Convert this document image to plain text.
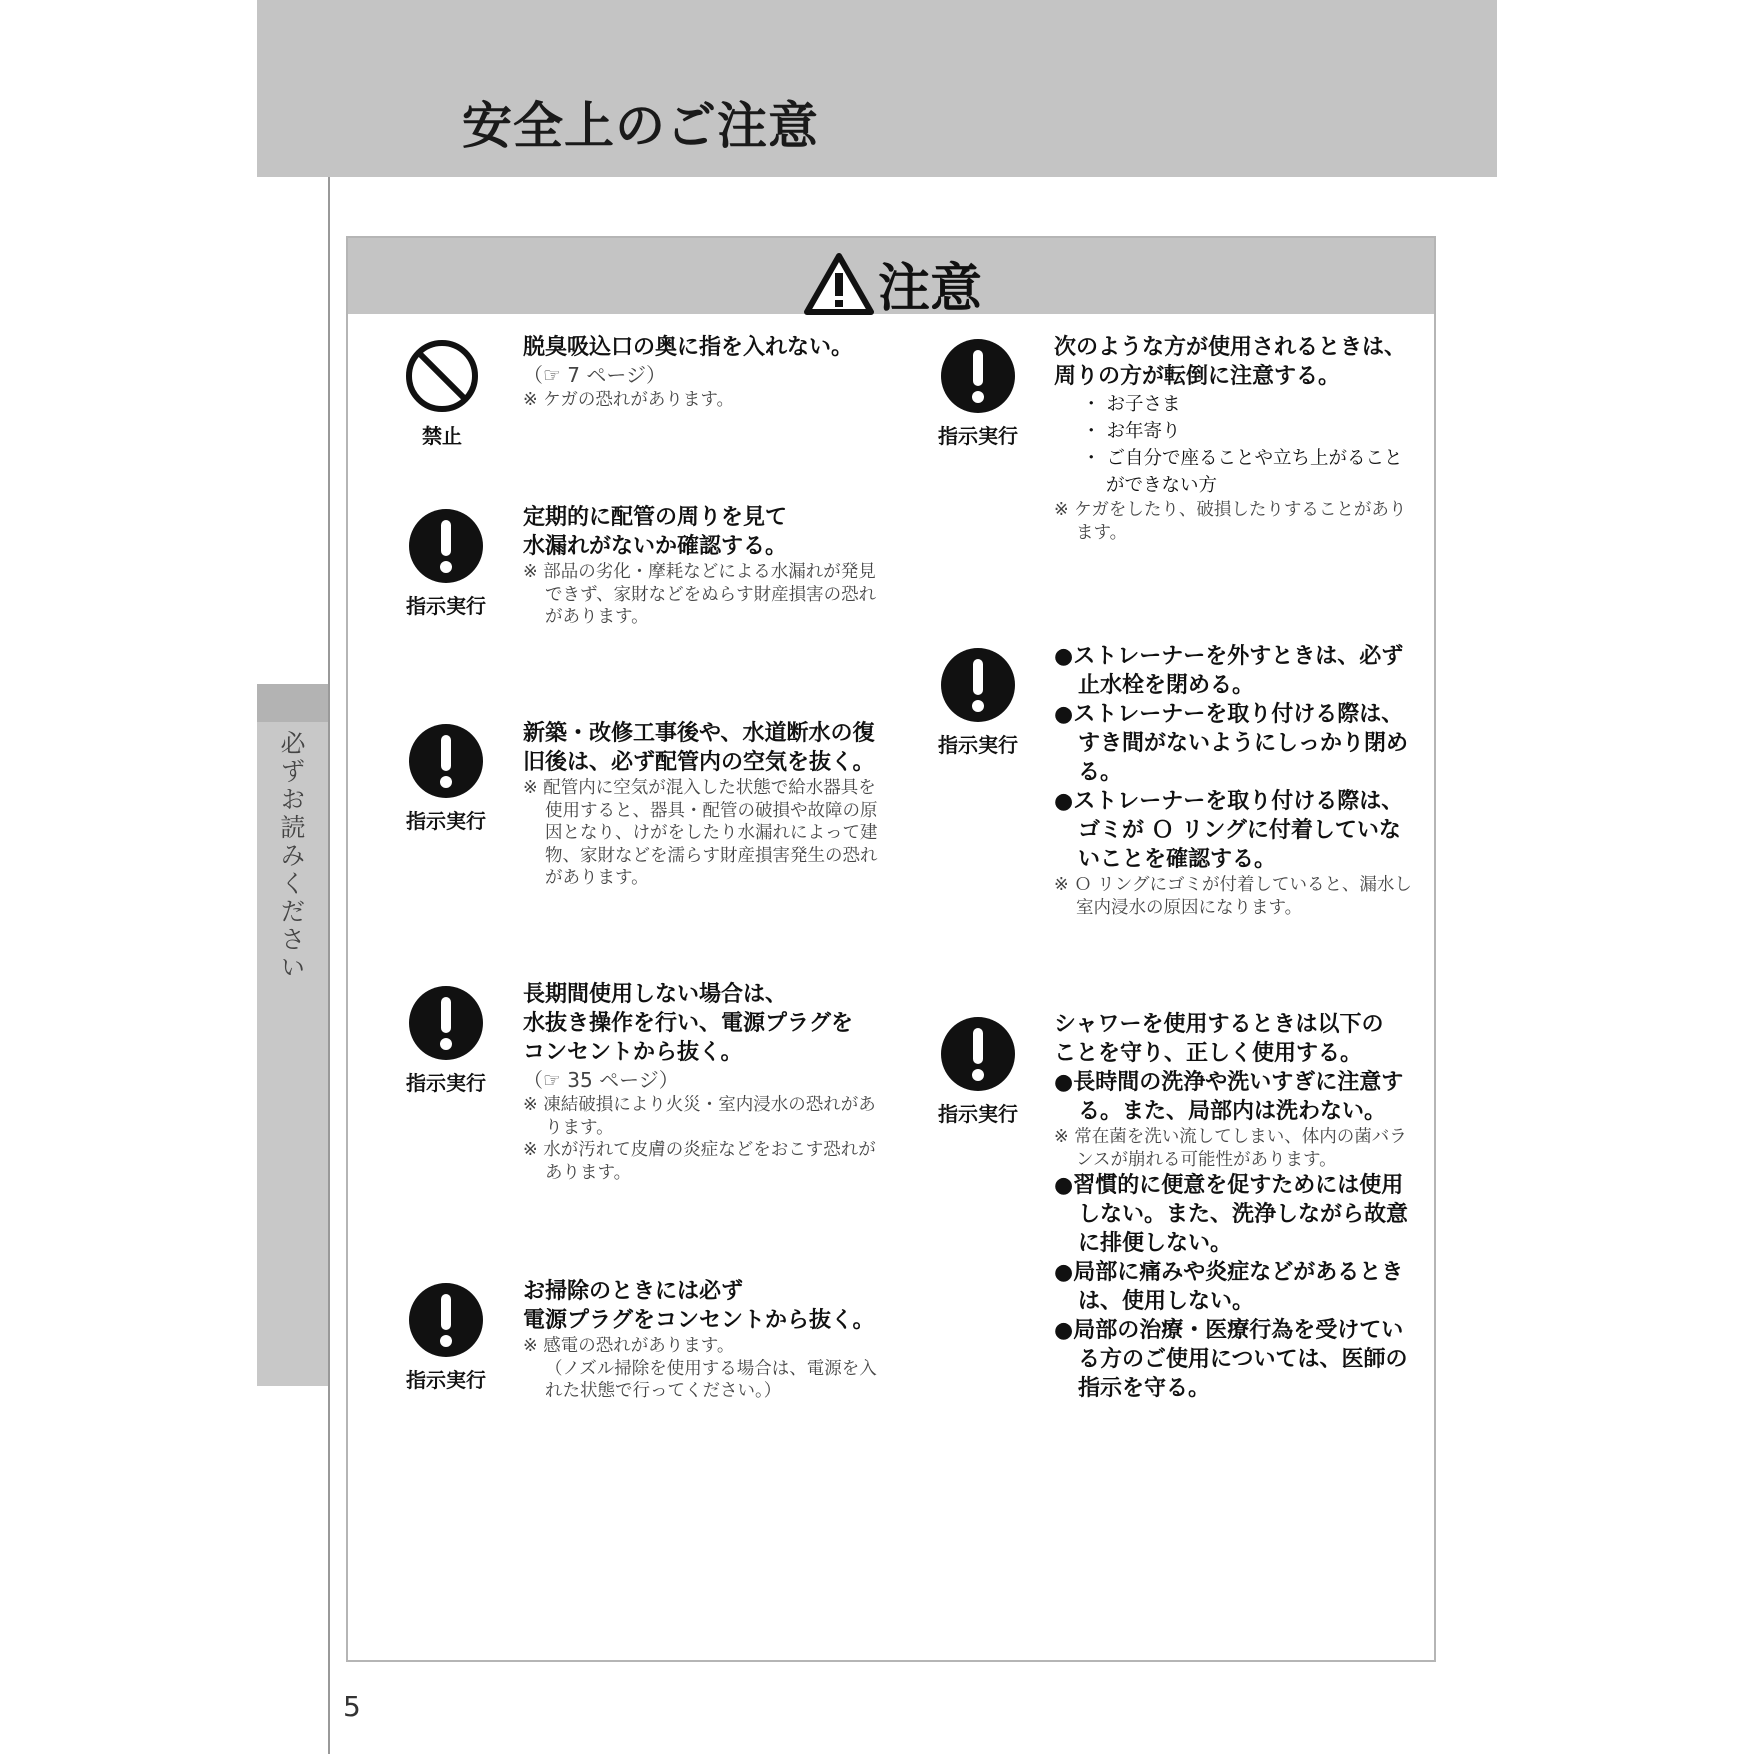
安全上のご注意
必ずお読みください
注意
禁止
脱臭吸込口の奥に指を入れない。
（☞ 7 ページ）
※ ケガの恐れがあります。
指示実行
定期的に配管の周りを見て
水漏れがないか確認する。
※ 部品の劣化・摩耗などによる水漏れが発見できず、家財などをぬらす財産損害の恐れがあります。
指示実行
新築・改修工事後や、水道断水の復
旧後は、必ず配管内の空気を抜く。
※ 配管内に空気が混入した状態で給水器具を使用すると、器具・配管の破損や故障の原因となり、けがをしたり水漏れによって建物、家財などを濡らす財産損害発生の恐れがあります。
指示実行
長期間使用しない場合は、
水抜き操作を行い、電源プラグを
コンセントから抜く。
（☞ 35 ページ）
※ 凍結破損により火災・室内浸水の恐れがあります。
※ 水が汚れて皮膚の炎症などをおこす恐れがあります。
指示実行
お掃除のときには必ず
電源プラグをコンセントから抜く。
※ 感電の恐れがあります。
（ノズル掃除を使用する場合は、電源を入れた状態で行ってください。）
指示実行
次のような方が使用されるときは、
周りの方が転倒に注意する。
・ お子さま
・ お年寄り
・ ご自分で座ることや立ち上がることができない方
※ ケガをしたり、破損したりすることがあります。
指示実行
●ストレーナーを外すときは、必ず止水栓を閉める。
●ストレーナーを取り付ける際は、すき間がないようにしっかり閉める。
●ストレーナーを取り付ける際は、ゴミが Ｏ リングに付着していないことを確認する。
※ Ｏ リングにゴミが付着していると、漏水し室内浸水の原因になります。
指示実行
シャワーを使用するときは以下の
ことを守り、正しく使用する。
●長時間の洗浄や洗いすぎに注意する。また、局部内は洗わない。
※ 常在菌を洗い流してしまい、体内の菌バランスが崩れる可能性があります。
●習慣的に便意を促すためには使用しない。また、洗浄しながら故意に排便しない。
●局部に痛みや炎症などがあるときは、使用しない。
●局部の治療・医療行為を受けている方のご使用については、医師の指示を守る。
5
